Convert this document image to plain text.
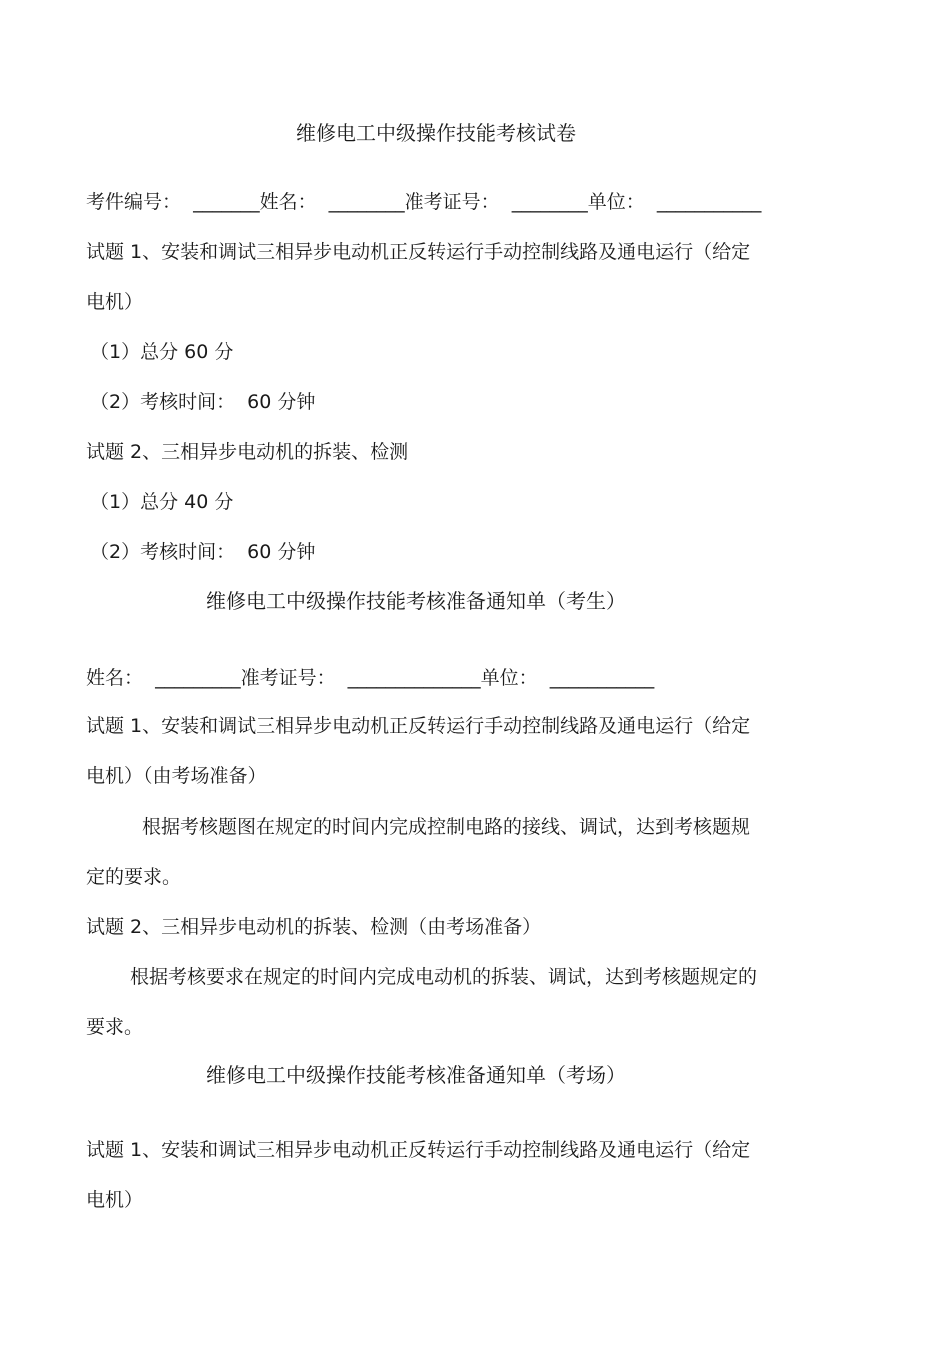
维修电工中级操作技能考核试卷
考件编号：  _______姓名：  ________准考证号：  ________单位：  ___________
试题 1、安装和调试三相异步电动机正反转运行手动控制线路及通电运行（给定
电机）
（1）总分 60 分
（2）考核时间：  60 分钟
试题 2、三相异步电动机的拆装、检测
（1）总分 40 分
（2）考核时间：  60 分钟
维修电工中级操作技能考核准备通知单（考生）
姓名：  _________准考证号：  ______________单位：  ___________
试题 1、安装和调试三相异步电动机正反转运行手动控制线路及通电运行（给定
电机）（由考场准备）
根据考核题图在规定的时间内完成控制电路的接线、调试，达到考核题规
定的要求。
试题 2、三相异步电动机的拆装、检测（由考场准备）
根据考核要求在规定的时间内完成电动机的拆装、调试，达到考核题规定的
要求。
维修电工中级操作技能考核准备通知单（考场）
试题 1、安装和调试三相异步电动机正反转运行手动控制线路及通电运行（给定
电机）
